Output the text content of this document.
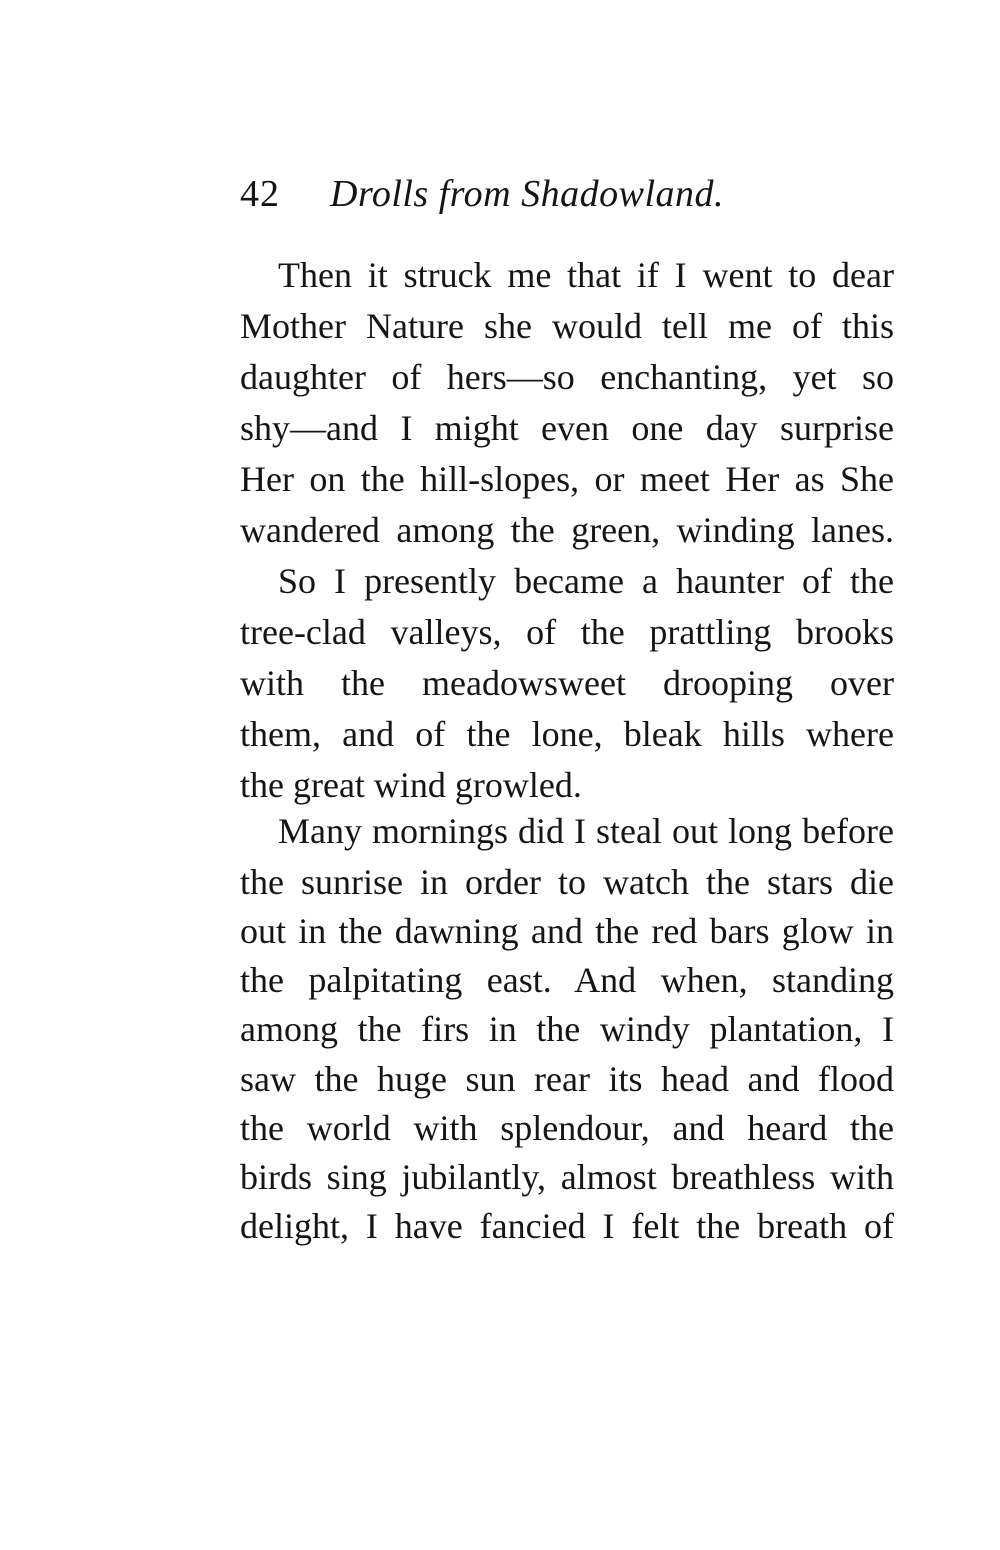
42 Drolls from Shadowland.
Then it struck me that if I went to dear
Mother Nature she would tell me of this
daughter of hers—so enchanting, yet so
shy—and I might even one day surprise
Her on the hill-slopes, or meet Her as She
wandered among the green, winding lanes.
So I presently became a haunter of the
tree-clad valleys, of the prattling brooks
with the meadowsweet drooping over
them, and of the lone, bleak hills where
the great wind growled.
Many mornings did I steal out long before
the sunrise in order to watch the stars die
out in the dawning and the red bars glow in
the palpitating east. And when, standing
among the firs in the windy plantation, I
saw the huge sun rear its head and flood
the world with splendour, and heard the
birds sing jubilantly, almost breathless with
delight, I have fancied I felt the breath of
